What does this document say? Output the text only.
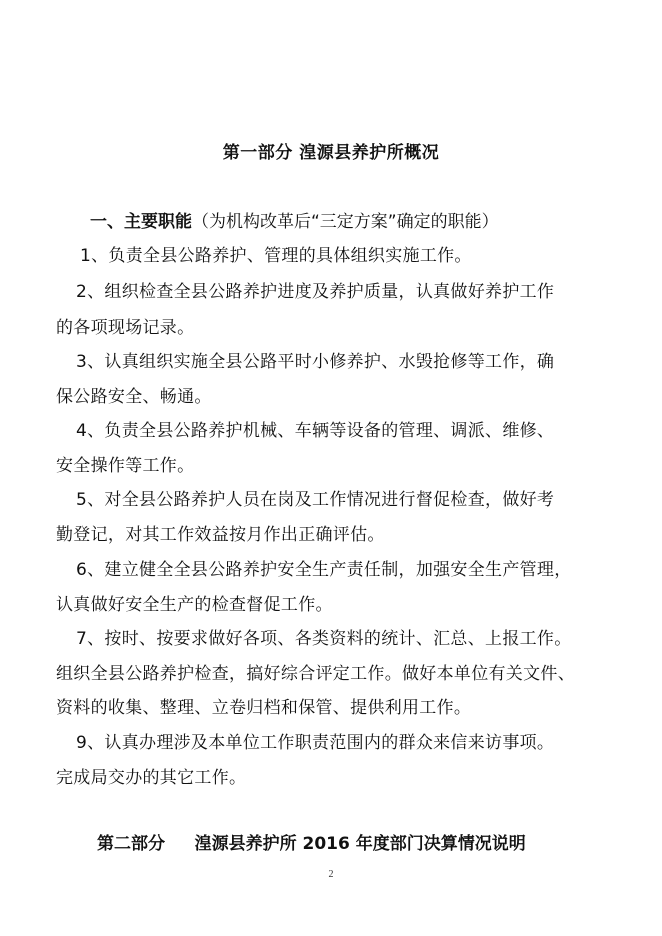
第一部分 湟源县养护所概况
一、主要职能（为机构改革后“三定方案”确定的职能）
1、负责全县公路养护、管理的具体组织实施工作。
2、组织检查全县公路养护进度及养护质量，认真做好养护工作
的各项现场记录。
3、认真组织实施全县公路平时小修养护、水毁抢修等工作，确
保公路安全、畅通。
4、负责全县公路养护机械、车辆等设备的管理、调派、维修、
安全操作等工作。
5、对全县公路养护人员在岗及工作情况进行督促检查，做好考
勤登记，对其工作效益按月作出正确评估。
6、建立健全全县公路养护安全生产责任制，加强安全生产管理，
认真做好安全生产的检查督促工作。
7、按时、按要求做好各项、各类资料的统计、汇总、上报工作。
组织全县公路养护检查，搞好综合评定工作。做好本单位有关文件、
资料的收集、整理、立卷归档和保管、提供利用工作。
9、认真办理涉及本单位工作职责范围内的群众来信来访事项。
完成局交办的其它工作。
第二部分     湟源县养护所 2016 年度部门决算情况说明
2
